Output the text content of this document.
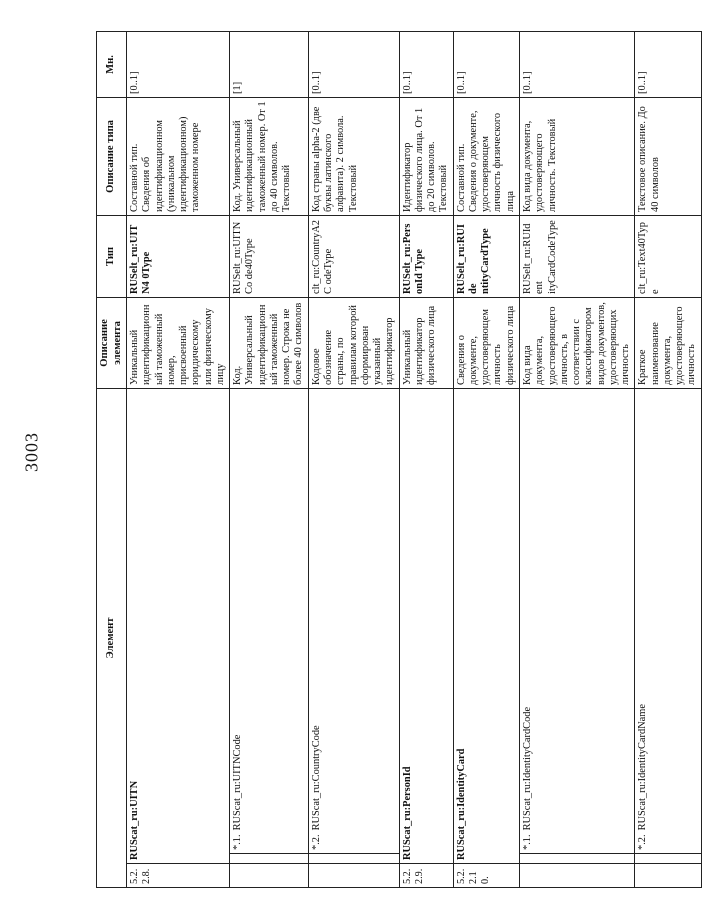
3003
Элемент			Описание элемента	Тип	Описание типа	Мн.
5.2.2.8.	RUScat_ru:UITN		Уникальный идентификационный таможенный номер, присвоенный юридическому или физическому лицу	RUSelt_ru:UITN4 0Type	Составной тип. Сведения об идентификационном (уникальном идентификационном) таможенном номере	[0..1]
		*.1.RUScat_ru:UITNCode	Код. Универсальный идентификационный таможенный номер. Строка не более 40 символов	RUSelt_ru:UITNCo de40Type	Код. Универсальный идентификационный таможенный номер. От 1 до 40 символов. Текстовый	[1]
		*.2.RUScat_ru:CountryCode	Кодовое обозначение страны, по правилам которой сформирован указанный идентификатор	clt_ru:CountryA2C odeType	Код страны alpha-2 (две буквы латинского алфавита). 2 символа. Текстовый	[0..1]
5.2.2.9.	RUScat_ru:PersonId		Уникальный идентификатор физического лица	RUSelt_ru:PersonId Type	Идентификатор физического лица. От 1 до 20 символов. Текстовый	[0..1]
5.2.2.10.	RUScat_ru:IdentityCard		Сведения о документе, удостоверяющем личность физического лица	RUSelt_ru:RUIde ntityCardType	Составной тип. Сведения о документе, удостоверяющем личность физического лица	[0..1]
		*.1.RUScat_ru:IdentityCardCode	Код вида документа, удостоверяющего личность, в соответствии с классификатором видов документов, удостоверяющих личность	RUSelt_ru:RUIdent ityCardCodeType	Код вида документа, удостоверяющего личность. Текстовый	[0..1]
		*.2.RUScat_ru:IdentityCardName	Краткое наименование документа, удостоверяющего личность	clt_ru:Text40Type	Текстовое описание. До 40 символов	[0..1]
